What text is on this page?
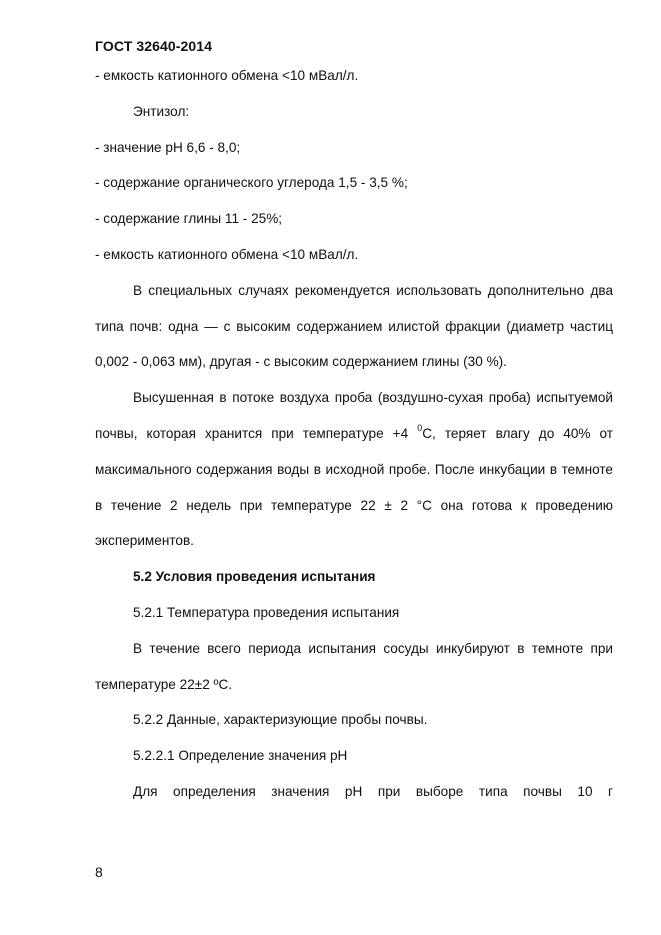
ГОСТ 32640-2014

- емкость катионного обмена <10 мВал/л.

Энтизол:

- значение рН 6,6 - 8,0;

- содержание органического углерода 1,5 - 3,5 %;

- содержание глины 11 - 25%;

- емкость катионного обмена <10 мВал/л.

В специальных случаях рекомендуется использовать дополнительно два типа почв: одна — с высоким содержанием илистой фракции (диаметр частиц 0,002 - 0,063 мм), другая - с высоким содержанием глины (30 %).

Высушенная в потоке воздуха проба (воздушно-сухая проба) испытуемой почвы, которая хранится при температуре +4 $^0$С, теряет влагу до 40% от максимального содержания воды в исходной пробе. После инкубации в темноте в течение 2 недель при температуре 22 ± 2 °С она готова к проведению экспериментов.

5.2 Условия проведения испытания

5.2.1 Температура проведения испытания

В течение всего периода испытания сосуды инкубируют в темноте при температуре 22±2 ºС.

5.2.2 Данные, характеризующие пробы почвы.

5.2.2.1 Определение значения рН

Для определения значения рН при выборе типа почвы 10 г

8
